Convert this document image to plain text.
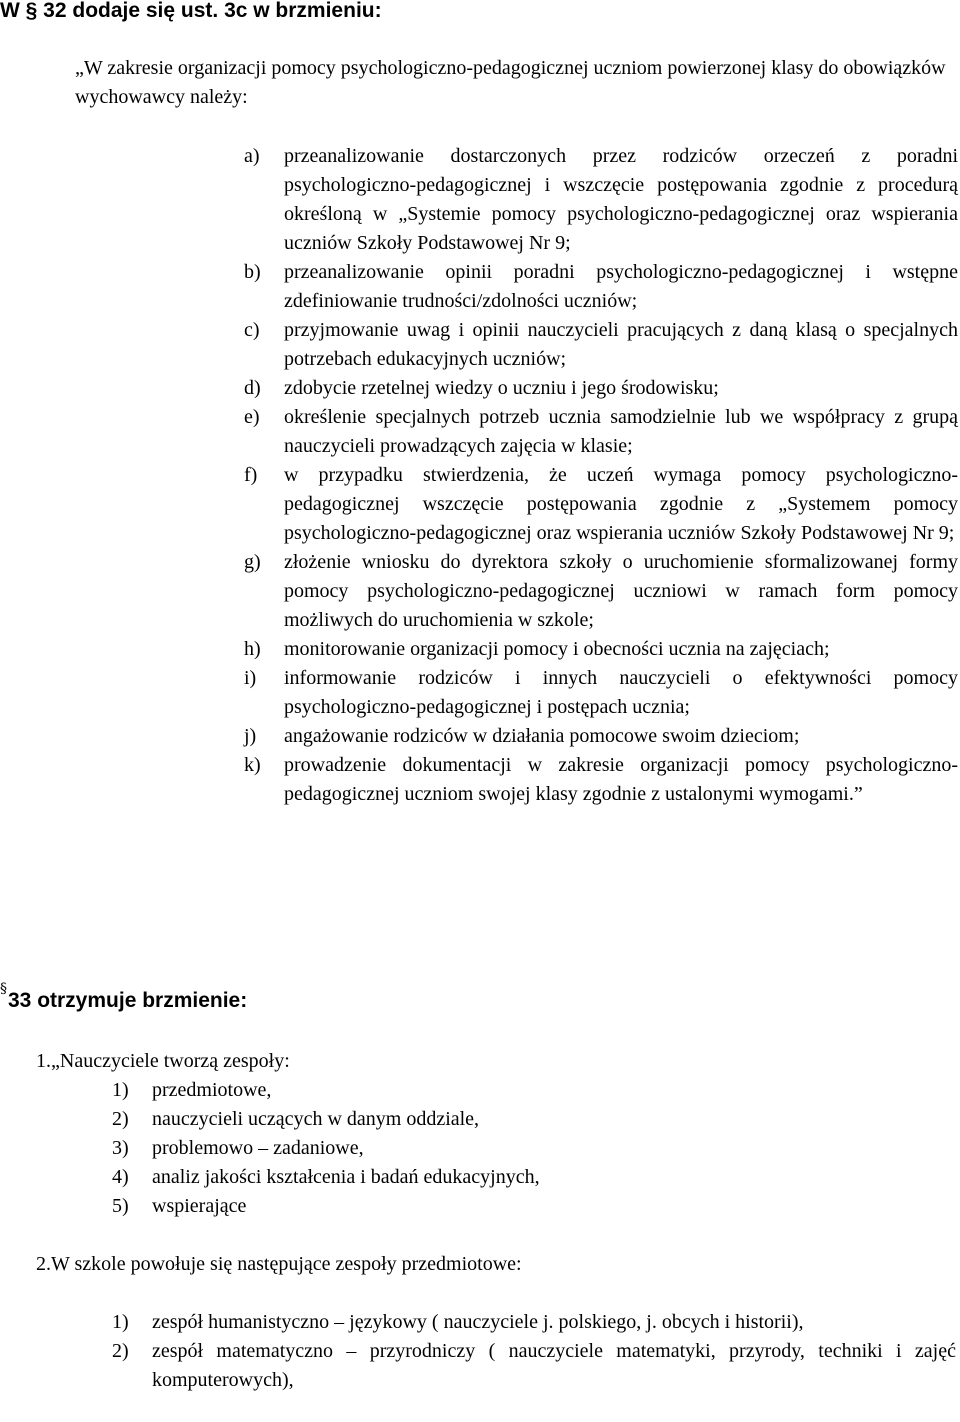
W § 32 dodaje się ust. 3c w brzmieniu:
„W zakresie organizacji pomocy psychologiczno-pedagogicznej uczniom powierzonej klasy do obowiązków wychowawcy należy:
a)	przeanalizowanie dostarczonych przez rodziców orzeczeń z poradni psychologiczno-pedagogicznej i wszczęcie postępowania zgodnie z procedurą określoną w „Systemie pomocy psychologiczno-pedagogicznej oraz wspierania uczniów Szkoły Podstawowej Nr 9;
b)	przeanalizowanie opinii poradni psychologiczno-pedagogicznej i wstępne zdefiniowanie trudności/zdolności uczniów;
c)	przyjmowanie uwag i opinii nauczycieli pracujących z daną klasą o specjalnych potrzebach edukacyjnych uczniów;
d)	zdobycie rzetelnej wiedzy o uczniu i jego środowisku;
e)	określenie specjalnych potrzeb ucznia samodzielnie lub we współpracy z grupą nauczycieli prowadzących zajęcia w klasie;
f)	w przypadku stwierdzenia, że uczeń wymaga pomocy psychologiczno-pedagogicznej wszczęcie postępowania zgodnie z „Systemem pomocy psychologiczno-pedagogicznej oraz wspierania uczniów Szkoły Podstawowej Nr 9;
g)	złożenie wniosku do dyrektora szkoły o uruchomienie sformalizowanej formy pomocy psychologiczno-pedagogicznej uczniowi w ramach form pomocy możliwych do uruchomienia w szkole;
h)	monitorowanie organizacji pomocy i obecności ucznia na zajęciach;
i)	informowanie rodziców i innych nauczycieli o efektywności pomocy psychologiczno-pedagogicznej i postępach ucznia;
j)	angażowanie rodziców w działania pomocowe swoim dzieciom;
k)	prowadzenie dokumentacji w zakresie organizacji pomocy psychologiczno-pedagogicznej uczniom swojej klasy zgodnie z ustalonymi wymogami.”
§33 otrzymuje brzmienie:
1. „Nauczyciele tworzą zespoły:
1)	przedmiotowe,
2)	nauczycieli uczących w danym oddziale,
3)	problemowo – zadaniowe,
4)	analiz jakości kształcenia i badań edukacyjnych,
5)	wspierające
2. W szkole powołuje się następujące zespoły przedmiotowe:
1)	zespół humanistyczno – językowy ( nauczyciele j. polskiego, j. obcych i historii),
2)	zespół matematyczno – przyrodniczy ( nauczyciele matematyki, przyrody, techniki i zajęć komputerowych),
